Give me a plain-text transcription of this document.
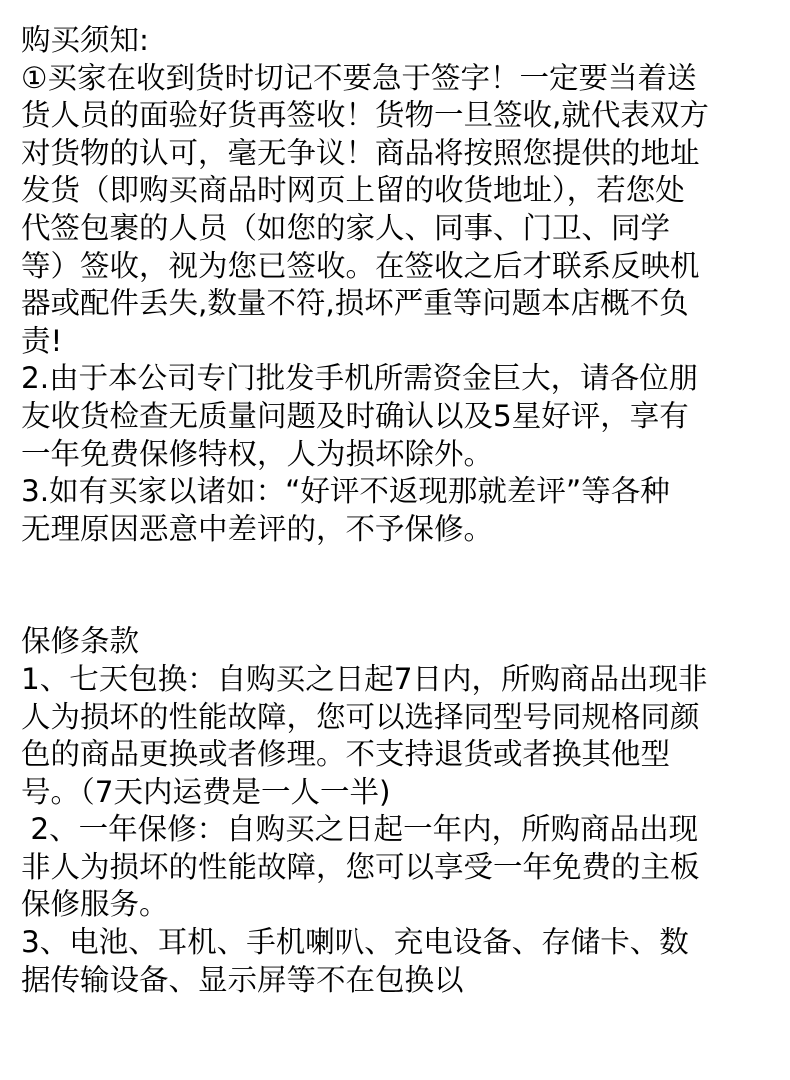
购买须知:
①买家在收到货时切记不要急于签字！一定要当着送
货人员的面验好货再签收！货物一旦签收,就代表双方
对货物的认可，毫无争议！商品将按照您提供的地址
发货（即购买商品时网页上留的收货地址），若您处
代签包裹的人员（如您的家人、同事、门卫、同学
等）签收，视为您已签收。在签收之后才联系反映机
器或配件丢失,数量不符,损坏严重等问题本店概不负
责!
2.由于本公司专门批发手机所需资金巨大，请各位朋
友收货检查无质量问题及时确认以及5星好评，享有
一年免费保修特权，人为损坏除外。
3.如有买家以诸如：“好评不返现那就差评”等各种
无理原因恶意中差评的，不予保修。
保修条款
1、七天包换：自购买之日起7日内，所购商品出现非
人为损坏的性能故障，您可以选择同型号同规格同颜
色的商品更换或者修理。不支持退货或者换其他型
号。（7天内运费是一人一半)
2、一年保修：自购买之日起一年内，所购商品出现
非人为损坏的性能故障，您可以享受一年免费的主板
保修服务。
3、电池、耳机、手机喇叭、充电设备、存储卡、数
据传输设备、显示屏等不在包换以
